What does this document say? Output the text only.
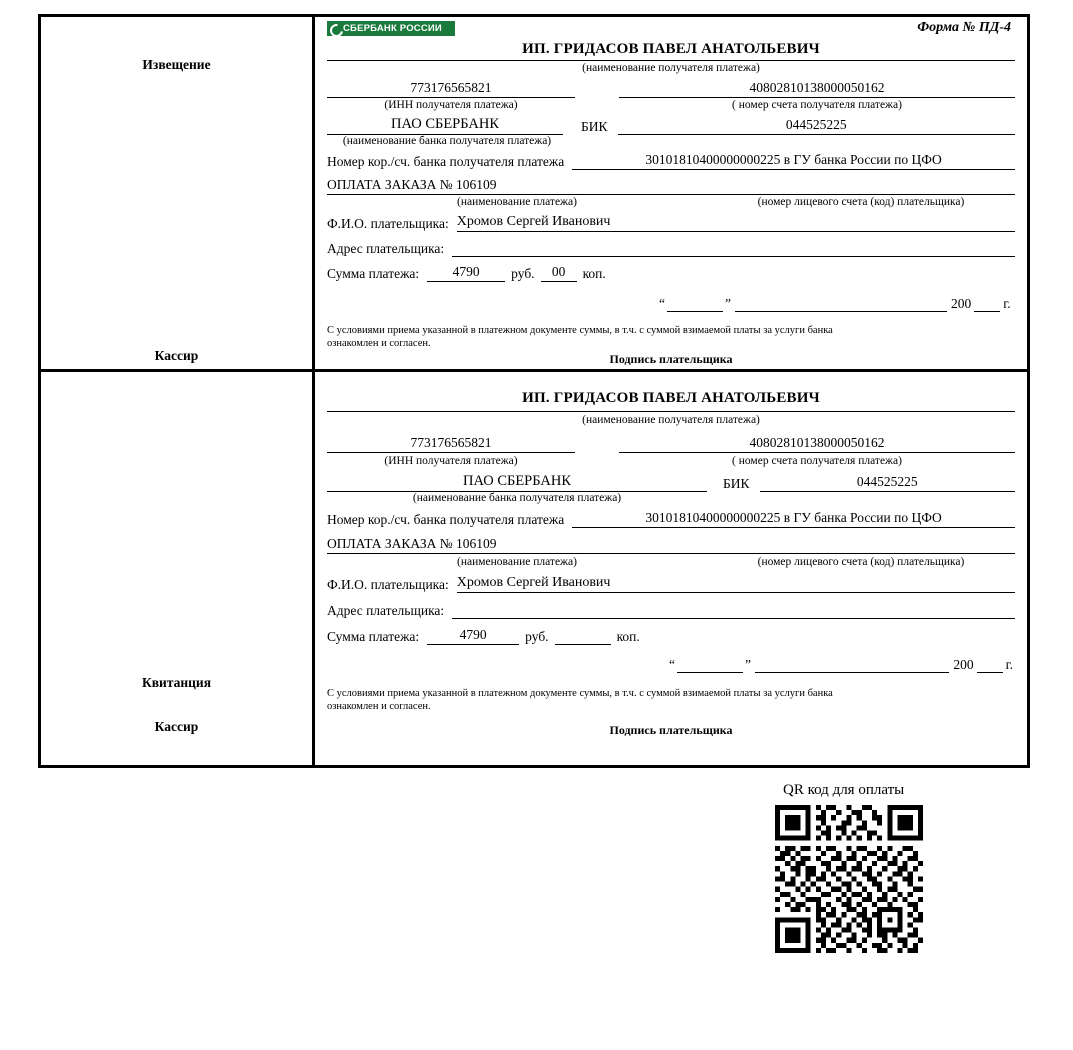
Извещение
Кассир
Квитанция
Кассир
СБЕРБАНК РОССИИ	Форма № ПД-4
ИП. ГРИДАСОВ ПАВЕЛ АНАТОЛЬЕВИЧ
(наименование получателя платежа)
773176565821	40802810138000050162
(ИНН получателя платежа)	( номер счета получателя платежа)
ПАО СБЕРБАНК	БИК	044525225
(наименование банка получателя платежа)
Номер кор./сч. банка получателя платежа	30101810400000000225 в ГУ банка России по ЦФО
ОПЛАТА ЗАКАЗА № 106109
(наименование платежа)	(номер лицевого счета (код) плательщика)
Ф.И.О. плательщика: Хромов Сергей Иванович
Адрес плательщика:
Сумма платежа:	4790	руб.	00	коп.
“	”	200 г.
С условиями приема указанной в платежном документе суммы, в т.ч. с суммой взимаемой платы за услуги банка
ознакомлен и согласен.
Подпись плательщика
ИП. ГРИДАСОВ ПАВЕЛ АНАТОЛЬЕВИЧ
(наименование получателя платежа)
773176565821	40802810138000050162
(ИНН получателя платежа)	( номер счета получателя платежа)
ПАО СБЕРБАНК	БИК	044525225
(наименование банка получателя платежа)
Номер кор./сч. банка получателя платежа	30101810400000000225 в ГУ банка России по ЦФО
ОПЛАТА ЗАКАЗА № 106109
(наименование платежа)	(номер лицевого счета (код) плательщика)
Ф.И.О. плательщика: Хромов Сергей Иванович
Адрес плательщика:
Сумма платежа:	4790	руб.	коп.
“	”	200 г.
С условиями приема указанной в платежном документе суммы, в т.ч. с суммой взимаемой платы за услуги банка
ознакомлен и согласен.
Подпись плательщика
QR код для оплаты
